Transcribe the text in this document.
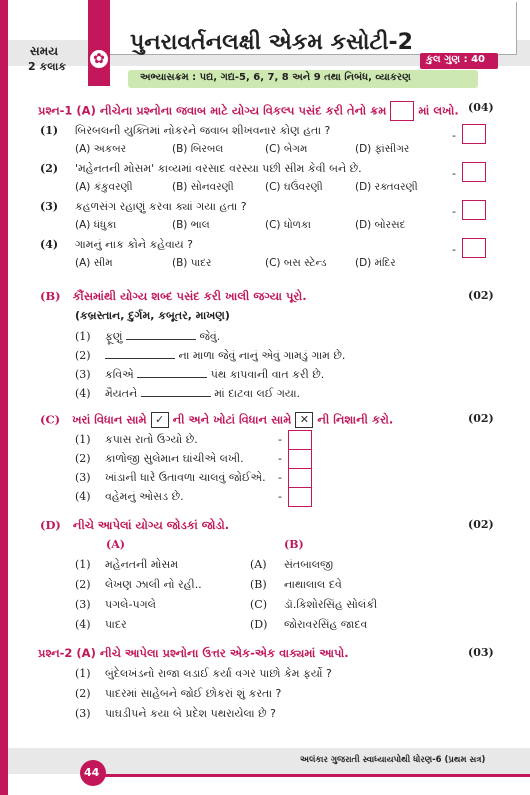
સમય
2 કલાક ✿
પુનરાવર્તનલક્ષી એકમ કસોટી-2
કુલ ગુણ : 40
અભ્યાસક્રમ : પદ્ય, ગદ્ય-5, 6, 7, 8 અને 9 તથા નિબંધ, વ્યાકરણ
પ્રશ્ન-1 (A) નીચેના પ્રશ્નોના જવાબ માટે યોગ્ય વિકલ્પ પસંદ કરી તેનો ક્રમ	માં લખો. (04)
(1) બિરબલની યુક્તિમાં નોકરને જવાબ શીખવનાર કોણ હતા ?
(A) અકબર	(B) બિરબલ	(C) બેગમ	(D) ફાંસીગર
-
(2) 'મહેનતની મોસમ' કાવ્યમાં વરસાદ વરસ્યા પછી સીમ કેવી બને છે.
(A) કંકુવરણી	(B) સોનવરણી	(C) ઘઉંવરણી	(D) રક્તવરણી
-
(3) કહળસંગ રહાણું કરવા ક્યાં ગયા હતા ?
(A) ધંધુકા	(B) ભાલ	(C) ધોળકા	(D) બોરસદ
-
(4) ગામનું નાક કોને કહેવાય ?
(A) સીમ	(B) પાદર	(C) બસ સ્ટેન્ડ	(D) મંદિર
-
(B) કૌંસમાંથી યોગ્ય શબ્દ પસંદ કરી ખાલી જગ્યા પૂરો.	(02)
(કબ્રસ્તાન, દુર્ગમ, કબૂતર, માખણ)
(1) ફૂણું	જેવું.
(2)	ના માળા જેવું નાનું એવું ગામડું ગામ છે.
(3) કવિએ	પંથ કાપવાની વાત કરી છે.
(4) મૈયતને	માં દાટવા લઈ ગયા.
(C) ખરાં વિધાન સામે ✓ ની અને ખોટાં વિધાન સામે ✕ ની નિશાની કરો.	(02)
(1) કપાસ રાતો ઉગ્યો છે.	-
(2) કાળોજી સુલેમાન ઘાંચીએ લખી.	-
(3) ખાંડાની ધારે ઉતાવળા ચાલવું જોઈએ. -
(4) વહેમનું ઓસડ છે.	-
(D) નીચે આપેલાં યોગ્ય જોડકાં જોડો.	(02)
(A)	(B)
(1) મહેનતની મોસમ	(A) સંતબાલજી
(2) લેખણ ઝાલી નો રહી..	(B) નાથાલાલ દવે
(3) પગલે-પગલે	(C) ડૉ.કિશોરસિંહ સોલંકી
(4) પાદર	(D) જોરાવરસિંહ જાદવ
પ્રશ્ન-2 (A) નીચે આપેલા પ્રશ્નોના ઉત્તર એક-એક વાક્યમાં આપો.	(03)
(1) બુંદેલખંડનો રાજા લડાઈ કર્યા વગર પાછો કેમ ફર્યો ?
(2) પાદરમાં સાહેબને જોઈ છોકરાં શું કરતા ?
(3) પાઘડીપને કયા બે પ્રદેશ પથરાયેલા છે ?
44
અલંકાર ગુજરાતી સ્વાધ્યાયપોથી ધોરણ-6 (પ્રથમ સત્ર)
